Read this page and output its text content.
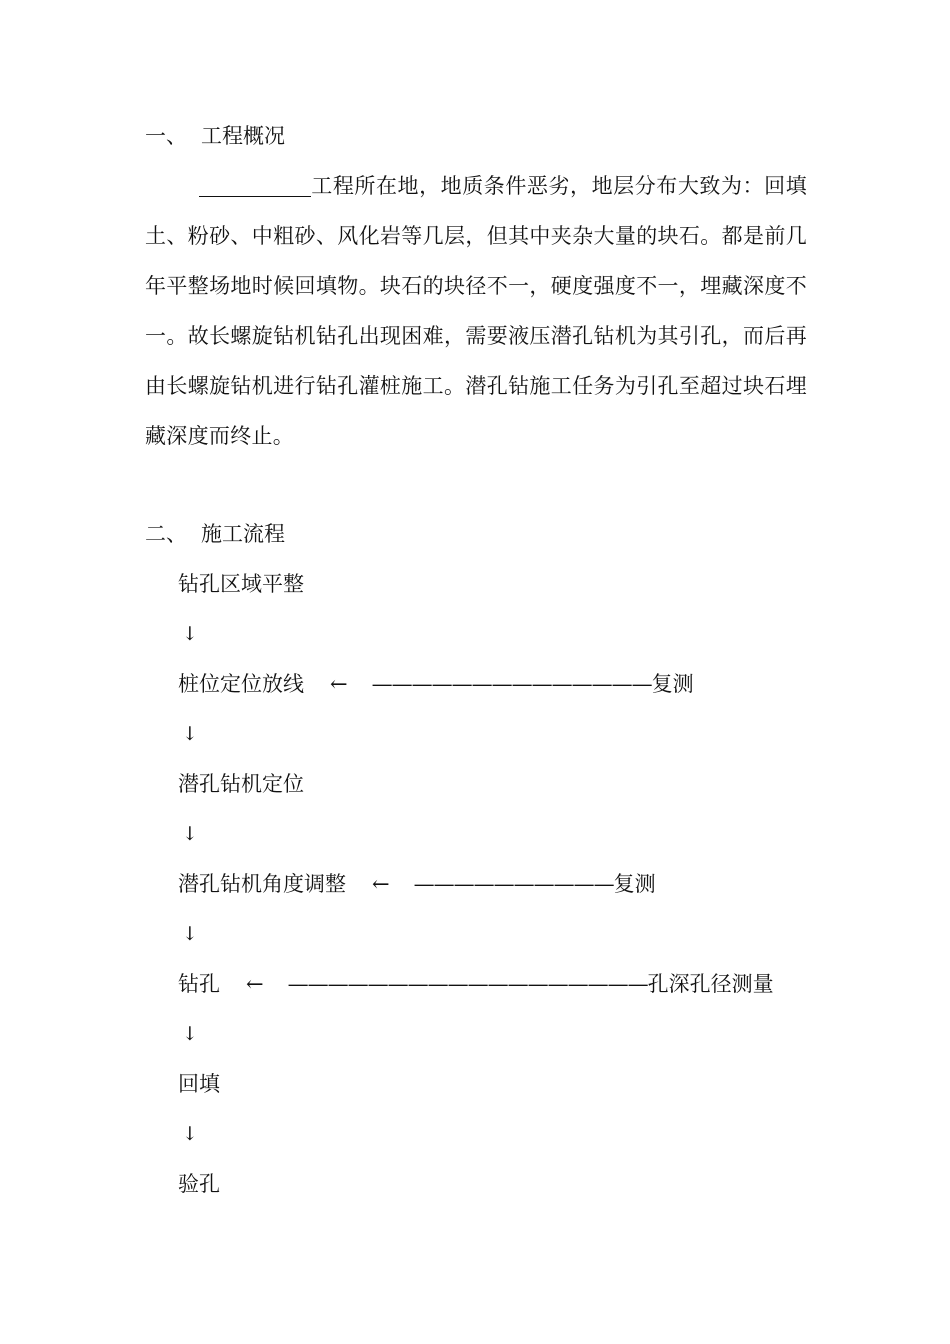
一、 工程概况
工程所在地，地质条件恶劣，地层分布大致为：回填土、粉砂、中粗砂、风化岩等几层，但其中夹杂大量的块石。都是前几年平整场地时候回填物。块石的块径不一，硬度强度不一，埋藏深度不一。故长螺旋钻机钻孔出现困难，需要液压潜孔钻机为其引孔，而后再由长螺旋钻机进行钻孔灌桩施工。潜孔钻施工任务为引孔至超过块石埋藏深度而终止。
二、 施工流程
钻孔区域平整
↓
桩位定位放线 ← ——————————————复测
↓
潜孔钻机定位
↓
潜孔钻机角度调整 ← ——————————复测
↓
钻孔 ← ——————————————————孔深孔径测量
↓
回填
↓
验孔
